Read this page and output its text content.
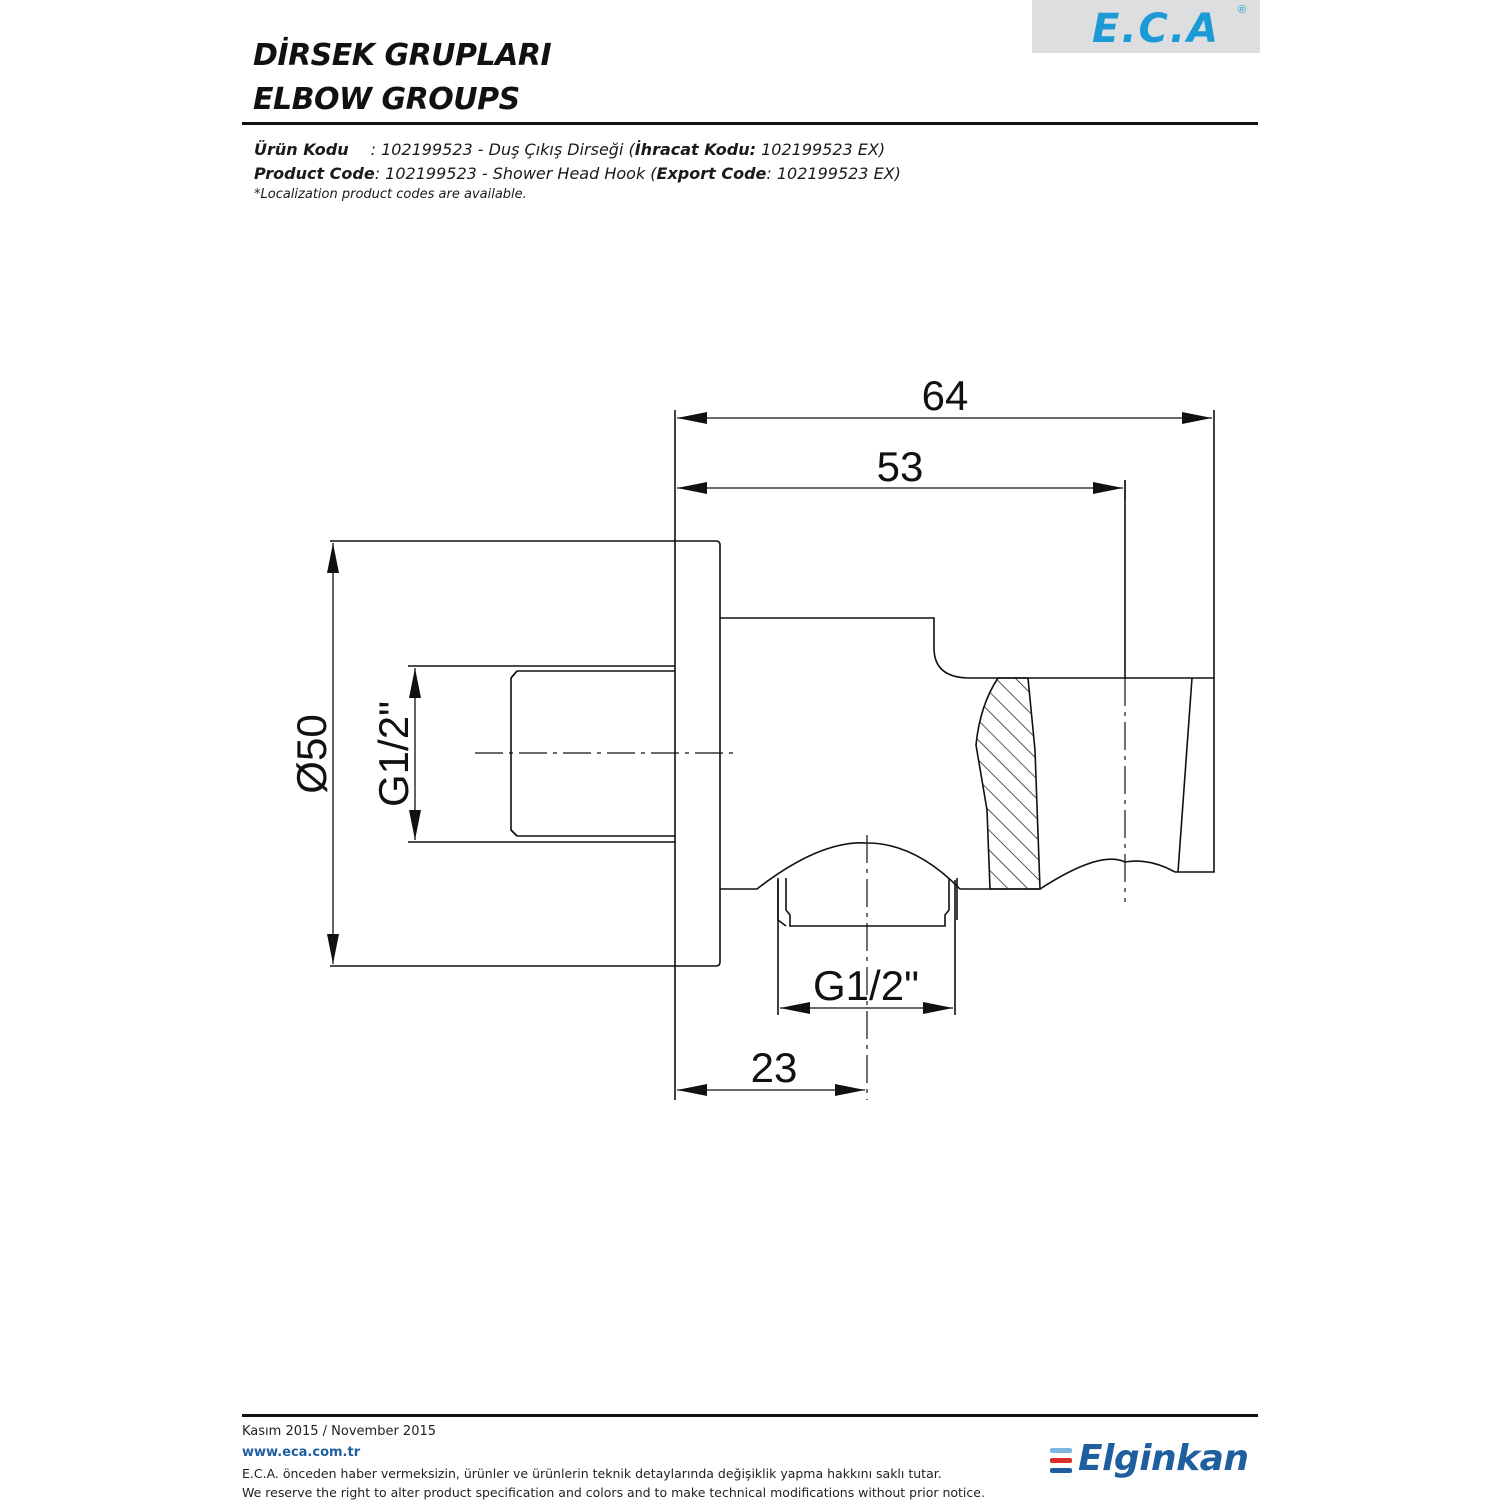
E.C.A ®
DİRSEK GRUPLARI
ELBOW GROUPS
Ürün Kodu : 102199523 - Duş Çıkış Dirseği (İhracat Kodu: 102199523 EX)
Product Code: 102199523 - Shower Head Hook (Export Code: 102199523 EX)
*Localization product codes are available.
64
53
Ø50 G1/2"
G1/2"
23
Kasım 2015 / November 2015
www.eca.com.tr
E.C.A. önceden haber vermeksizin, ürünler ve ürünlerin teknik detaylarında değişiklik yapma hakkını saklı tutar.
We reserve the right to alter product specification and colors and to make technical modifications without prior notice.
Elginkan
